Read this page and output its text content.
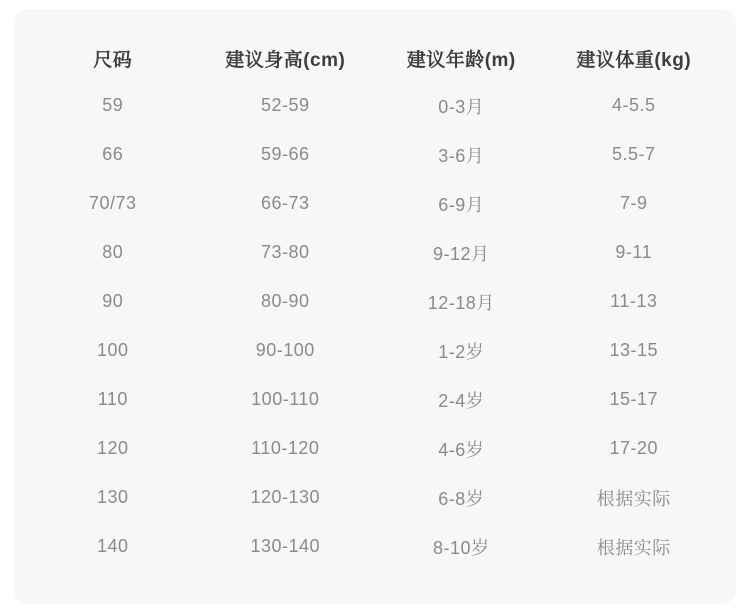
尺码	建议身高(cm)	建议年龄(m)	建议体重(kg)
59	52-59	0-3月	4-5.5
66	59-66	3-6月	5.5-7
70/73	66-73	6-9月	7-9
80	73-80	9-12月	9-11
90	80-90	12-18月	11-13
100	90-100	1-2岁	13-15
110	100-110	2-4岁	15-17
120	110-120	4-6岁	17-20
130	120-130	6-8岁	根据实际
140	130-140	8-10岁	根据实际
